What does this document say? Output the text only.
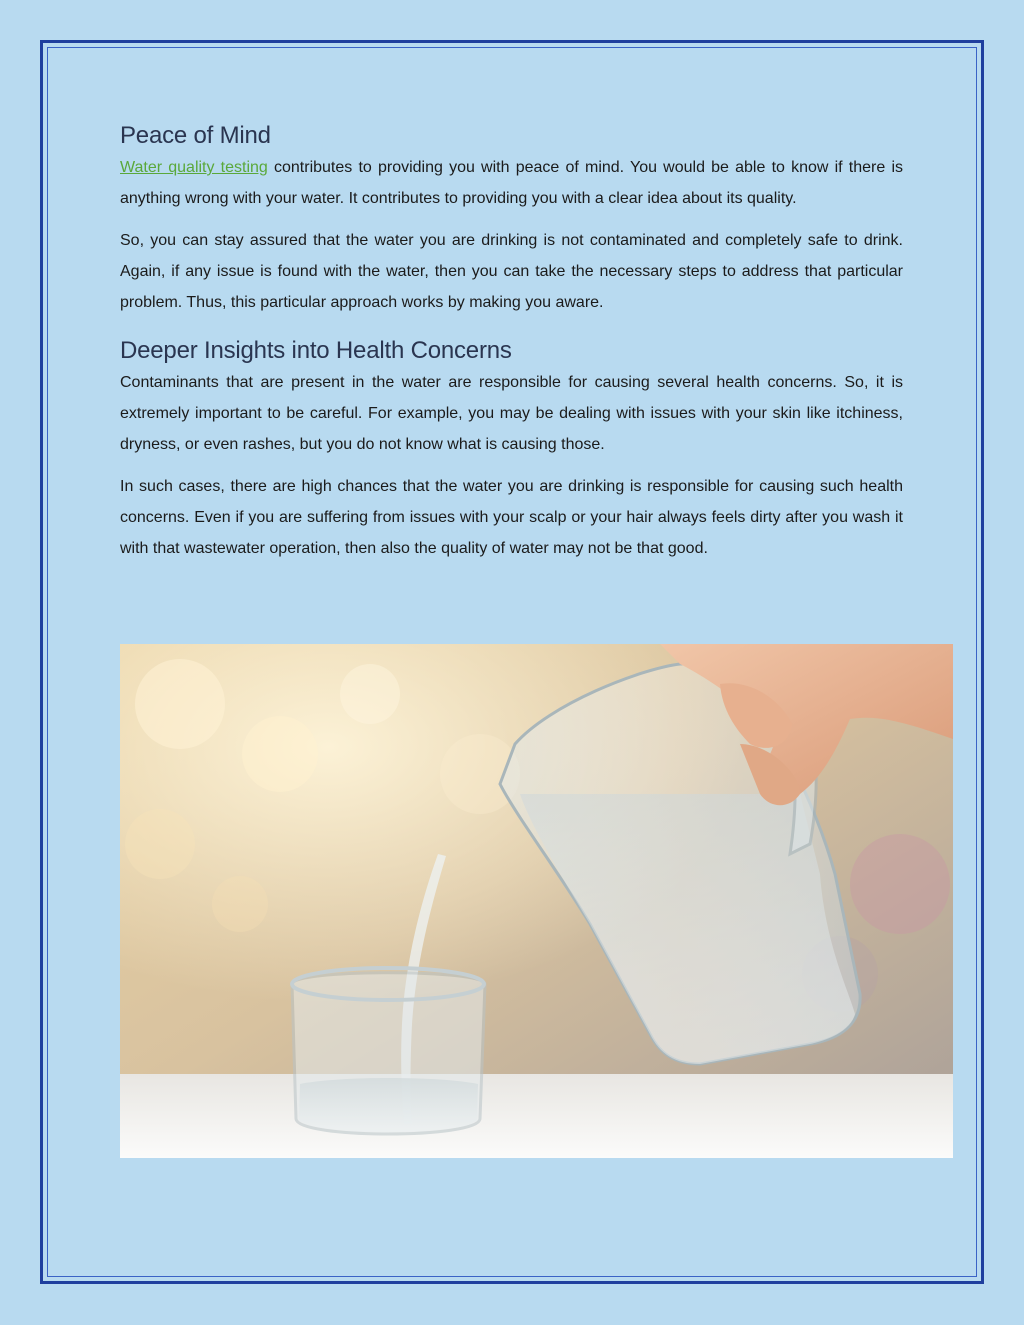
Peace of Mind

Water quality testing contributes to providing you with peace of mind. You would be able to know if there is anything wrong with your water. It contributes to providing you with a clear idea about its quality.

So, you can stay assured that the water you are drinking is not contaminated and completely safe to drink. Again, if any issue is found with the water, then you can take the necessary steps to address that particular problem. Thus, this particular approach works by making you aware.

Deeper Insights into Health Concerns

Contaminants that are present in the water are responsible for causing several health concerns. So, it is extremely important to be careful. For example, you may be dealing with issues with your skin like itchiness, dryness, or even rashes, but you do not know what is causing those.

In such cases, there are high chances that the water you are drinking is responsible for causing such health concerns. Even if you are suffering from issues with your scalp or your hair always feels dirty after you wash it with that wastewater operation, then also the quality of water may not be that good.
